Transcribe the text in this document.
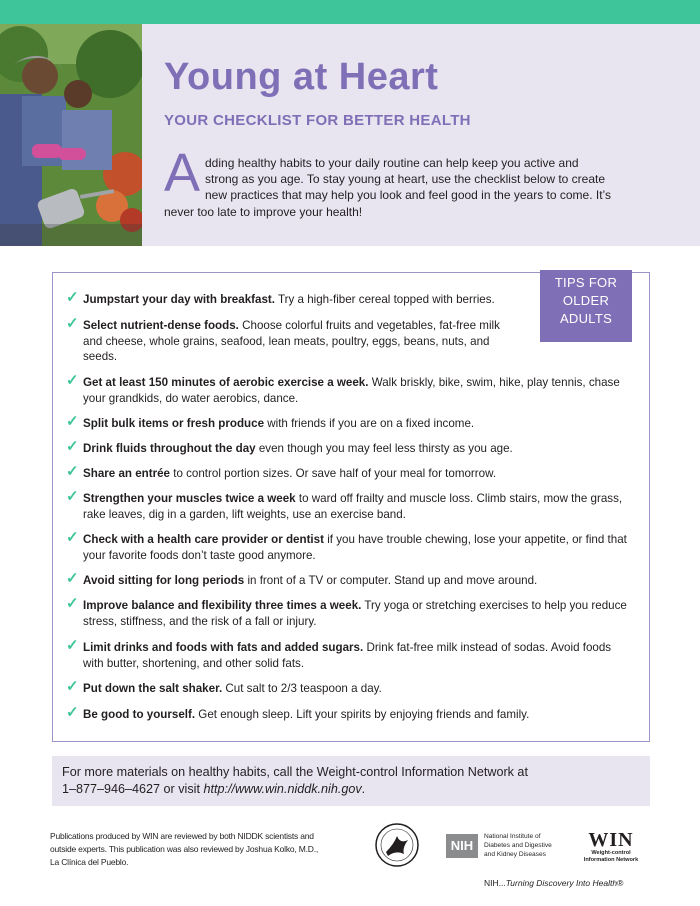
Young at Heart
YOUR CHECKLIST FOR BETTER HEALTH
A dding healthy habits to your daily routine can help keep you active and
strong as you age. To stay young at heart, use the checklist below to create
new practices that may help you look and feel good in the years to come. It’s
never too late to improve your health!
TIPS FOR
OLDER
ADULTS
✓ Jumpstart your day with breakfast. Try a high-fiber cereal topped with berries.
✓ Select nutrient-dense foods. Choose colorful fruits and vegetables, fat-free milk and cheese, whole grains, seafood, lean meats, poultry, eggs, beans, nuts, and seeds.
✓ Get at least 150 minutes of aerobic exercise a week. Walk briskly, bike, swim, hike, play tennis, chase your grandkids, do water aerobics, dance.
✓ Split bulk items or fresh produce with friends if you are on a fixed income.
✓ Drink fluids throughout the day even though you may feel less thirsty as you age.
✓ Share an entrée to control portion sizes. Or save half of your meal for tomorrow.
✓ Strengthen your muscles twice a week to ward off frailty and muscle loss. Climb stairs, mow the grass, rake leaves, dig in a garden, lift weights, use an exercise band.
✓ Check with a health care provider or dentist if you have trouble chewing, lose your appetite, or find that your favorite foods don’t taste good anymore.
✓ Avoid sitting for long periods in front of a TV or computer. Stand up and move around.
✓ Improve balance and flexibility three times a week. Try yoga or stretching exercises to help you reduce stress, stiffness, and the risk of a fall or injury.
✓ Limit drinks and foods with fats and added sugars. Drink fat-free milk instead of sodas. Avoid foods with butter, shortening, and other solid fats.
✓ Put down the salt shaker. Cut salt to 2/3 teaspoon a day.
✓ Be good to yourself. Get enough sleep. Lift your spirits by enjoying friends and family.
For more materials on healthy habits, call the Weight-control Information Network at
1–877–946–4627 or visit http://www.win.niddk.nih.gov.
Publications produced by WIN are reviewed by both NIDDK scientists and
outside experts. This publication was also reviewed by Joshua Kolko, M.D.,
La Clínica del Pueblo.
NIH
National Institute of
Diabetes and Digestive
and Kidney Diseases
WIN
Weight-control
Information Network
NIH...Turning Discovery Into Health®
